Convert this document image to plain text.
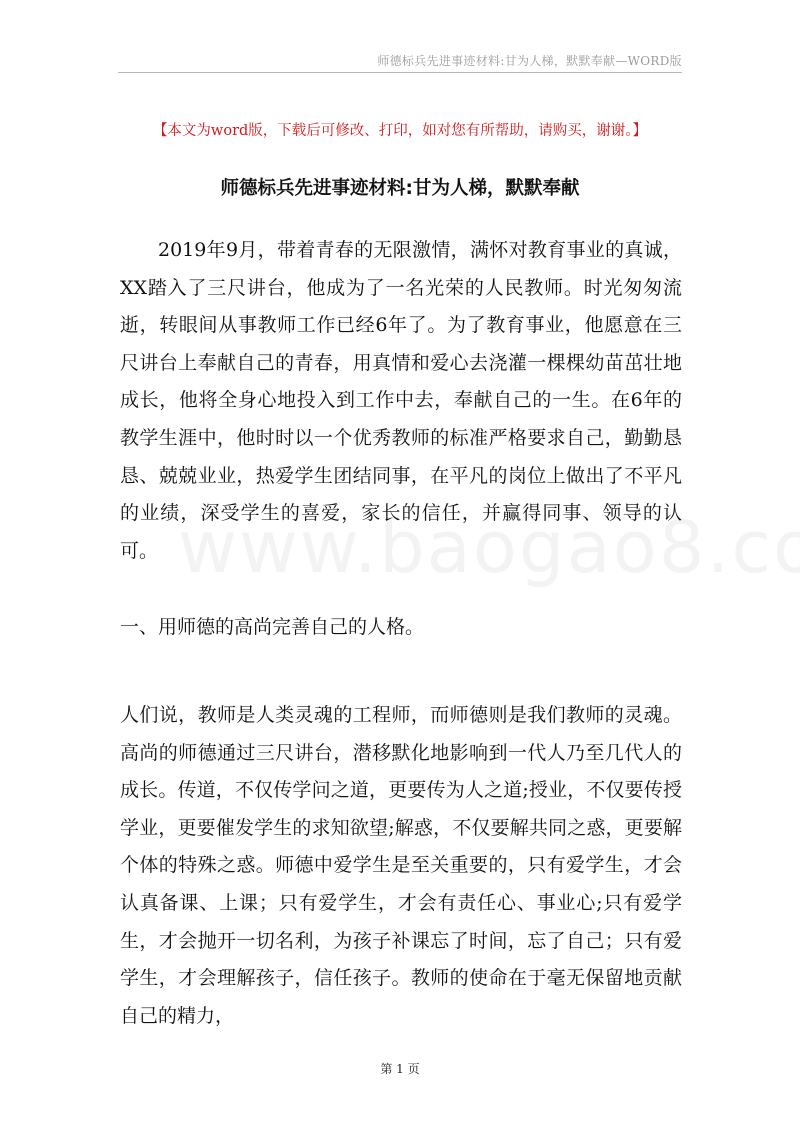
师德标兵先进事迹材料:甘为人梯，默默奉献—WORD版
【本文为word版，下载后可修改、打印，如对您有所帮助，请购买，谢谢。】
师德标兵先进事迹材料:甘为人梯，默默奉献
2019年9月，带着青春的无限激情，满怀对教育事业的真诚，XX踏入了三尺讲台，他成为了一名光荣的人民教师。时光匆匆流逝，转眼间从事教师工作已经6年了。为了教育事业，他愿意在三尺讲台上奉献自己的青春，用真情和爱心去浇灌一棵棵幼苗茁壮地成长，他将全身心地投入到工作中去，奉献自己的一生。在6年的教学生涯中，他时时以一个优秀教师的标准严格要求自己，勤勤恳恳、兢兢业业，热爱学生团结同事，在平凡的岗位上做出了不平凡的业绩，深受学生的喜爱，家长的信任，并赢得同事、领导的认可。
一、用师德的高尚完善自己的人格。
人们说，教师是人类灵魂的工程师，而师德则是我们教师的灵魂。高尚的师德通过三尺讲台，潜移默化地影响到一代人乃至几代人的成长。传道，不仅传学问之道，更要传为人之道;授业，不仅要传授学业，更要催发学生的求知欲望;解惑，不仅要解共同之惑，更要解个体的特殊之惑。师德中爱学生是至关重要的，只有爱学生，才会认真备课、上课；只有爱学生，才会有责任心、事业心;只有爱学生，才会抛开一切名利，为孩子补课忘了时间，忘了自己；只有爱学生，才会理解孩子，信任孩子。教师的使命在于毫无保留地贡献自己的精力，
第 1 页
